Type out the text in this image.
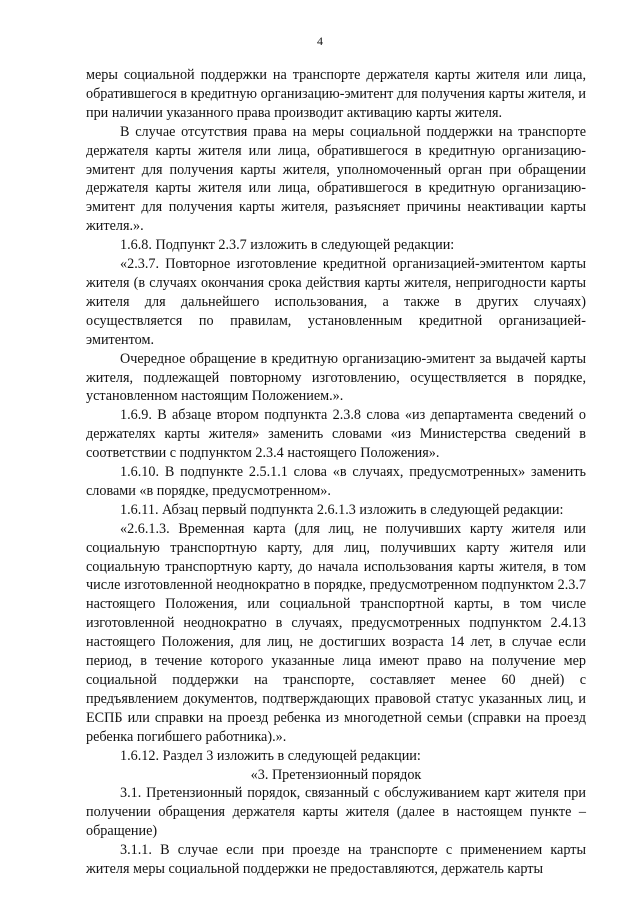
4

меры социальной поддержки на транспорте держателя карты жителя или лица, обратившегося в кредитную организацию-эмитент для получения карты жителя, и при наличии указанного права производит активацию карты жителя.

В случае отсутствия права на меры социальной поддержки на транспорте держателя карты жителя или лица, обратившегося в кредитную организацию-эмитент для получения карты жителя, уполномоченный орган при обращении держателя карты жителя или лица, обратившегося в кредитную организацию-эмитент для получения карты жителя, разъясняет причины неактивации карты жителя.».

1.6.8. Подпункт 2.3.7 изложить в следующей редакции:

«2.3.7. Повторное изготовление кредитной организацией-эмитентом карты жителя (в случаях окончания срока действия карты жителя, непригодности карты жителя для дальнейшего использования, а также в других случаях) осуществляется по правилам, установленным кредитной организацией-эмитентом.

Очередное обращение в кредитную организацию-эмитент за выдачей карты жителя, подлежащей повторному изготовлению, осуществляется в порядке, установленном настоящим Положением.».

1.6.9. В абзаце втором подпункта 2.3.8 слова «из департамента сведений о держателях карты жителя» заменить словами «из Министерства сведений в соответствии с подпунктом 2.3.4 настоящего Положения».

1.6.10. В подпункте 2.5.1.1 слова «в случаях, предусмотренных» заменить словами «в порядке, предусмотренном».

1.6.11. Абзац первый подпункта 2.6.1.3 изложить в следующей редакции:

«2.6.1.3. Временная карта (для лиц, не получивших карту жителя или социальную транспортную карту, для лиц, получивших карту жителя или социальную транспортную карту, до начала использования карты жителя, в том числе изготовленной неоднократно в порядке, предусмотренном подпунктом 2.3.7 настоящего Положения, или социальной транспортной карты, в том числе изготовленной неоднократно в случаях, предусмотренных подпунктом 2.4.13 настоящего Положения, для лиц, не достигших возраста 14 лет, в случае если период, в течение которого указанные лица имеют право на получение мер социальной поддержки на транспорте, составляет менее 60 дней) с предъявлением документов, подтверждающих правовой статус указанных лиц, и ЕСПБ или справки на проезд ребенка из многодетной семьи (справки на проезд ребенка погибшего работника).».

1.6.12. Раздел 3 изложить в следующей редакции:

«3. Претензионный порядок

3.1. Претензионный порядок, связанный с обслуживанием карт жителя при получении обращения держателя карты жителя (далее в настоящем пункте – обращение)

3.1.1. В случае если при проезде на транспорте с применением карты жителя меры социальной поддержки не предоставляются, держатель карты
